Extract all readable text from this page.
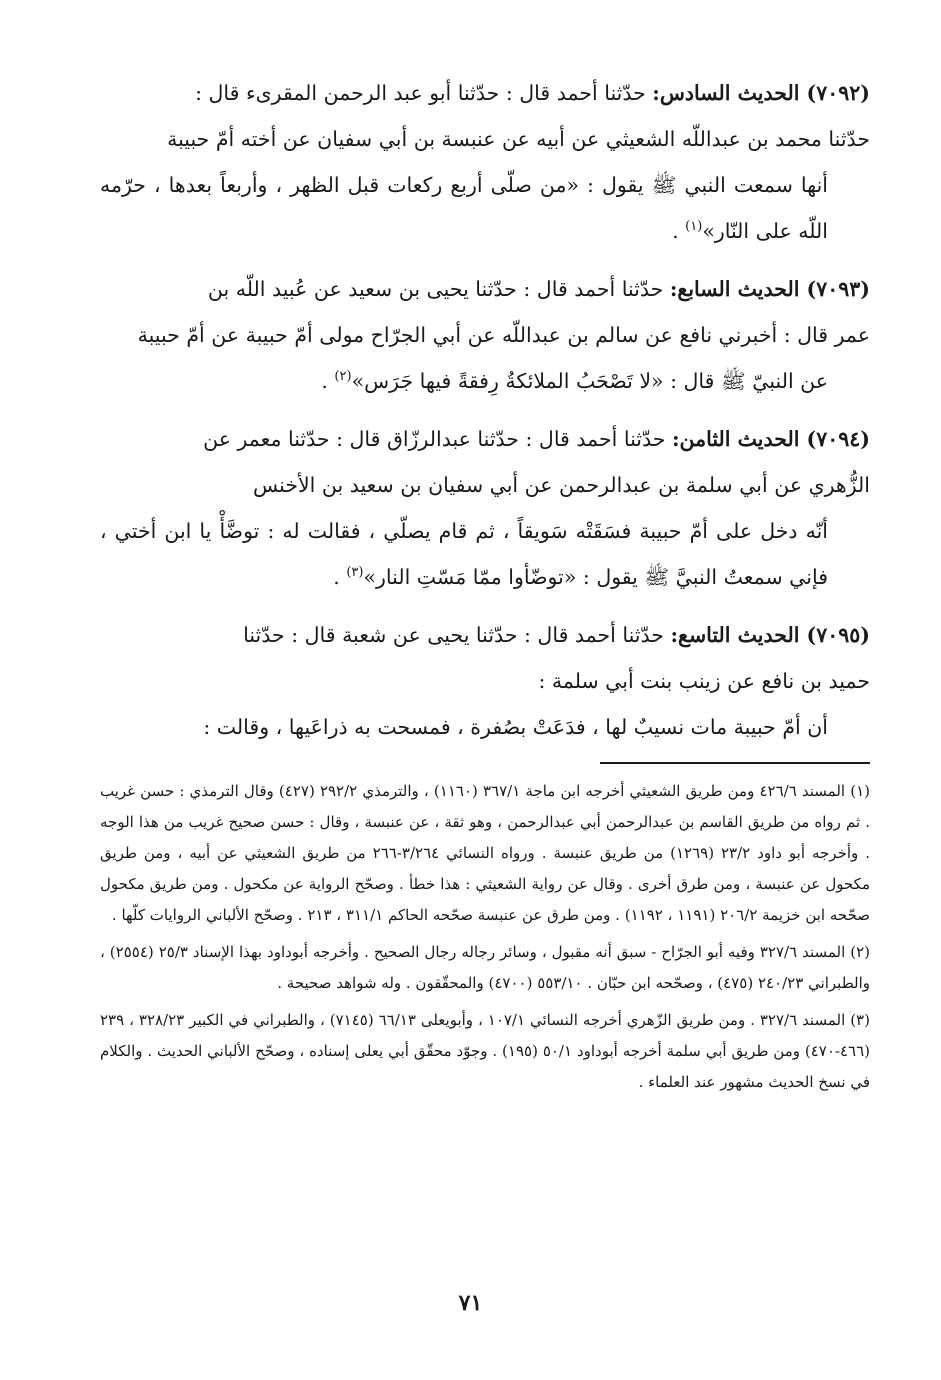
(٧٠٩٢) الحديث السادس: حدّثنا أحمد قال : حدّثنا أبو عبد الرحمن المقرىء قال :
حدّثنا محمد بن عبداللّه الشعيثي عن أبيه عن عنبسة بن أبي سفيان عن أخته أمّ حبيبة
أنها سمعت النبي ﷺ يقول : «من صلّى أربع ركعات قبل الظهر ، وأربعاً بعدها ، حرّمه اللّه على النّار»$^{(١)}$ .
(٧٠٩٣) الحديث السابع: حدّثنا أحمد قال : حدّثنا يحيى بن سعيد عن عُبيد اللّه بن
عمر قال : أخبرني نافع عن سالم بن عبداللّه عن أبي الجرّاح مولى أمّ حبيبة عن أمّ حبيبة
عن النبيّ ﷺ قال : «لا تَصْحَبُ الملائكةُ رِفقةً فيها جَرَس»$^{(٢)}$ .
(٧٠٩٤) الحديث الثامن: حدّثنا أحمد قال : حدّثنا عبدالرزّاق قال : حدّثنا معمر عن
الزُّهري عن أبي سلمة بن عبدالرحمن عن أبي سفيان بن سعيد بن الأخنس
أنّه دخل على أمّ حبيبة فسَقَتْه سَويقاً ، ثم قام يصلّي ، فقالت له : توضَّأْ يا ابن أختي ، فإني سمعتُ النبيَّ ﷺ يقول : «توضّأوا ممّا مَسّتِ النار»$^{(٣)}$ .
(٧٠٩٥) الحديث التاسع: حدّثنا أحمد قال : حدّثنا يحيى عن شعبة قال : حدّثنا
حميد بن نافع عن زينب بنت أبي سلمة :
أن أمّ حبيبة مات نسيبٌ لها ، فدَعَتْ بصُفرة ، فمسحت به ذراعَيها ، وقالت :

(١) المسند ٤٢٦/٦ ومن طريق الشعيثي أخرجه ابن ماجة ٣٦٧/١ (١١٦٠) ، والترمذي ٢٩٢/٢ (٤٢٧) وقال الترمذي : حسن غريب . ثم رواه من طريق القاسم بن عبدالرحمن أبي عبدالرحمن ، وهو ثقة ، عن عنبسة ، وقال : حسن صحيح غريب من هذا الوجه . وأخرجه أبو داود ٢٣/٢ (١٢٦٩) من طريق عنبسة . ورواه النسائي ٣/٢٦٤-٢٦٦ من طريق الشعيثي عن أبيه ، ومن طريق مكحول عن عنبسة ، ومن طرق أخرى . وقال عن رواية الشعيثي : هذا خطأ . وصحّح الرواية عن مكحول . ومن طريق مكحول صحّحه ابن خزيمة ٢٠٦/٢ (١١٩١ ، ١١٩٢) . ومن طرق عن عنبسة صحّحه الحاكم ٣١١/١ ، ٢١٣ . وصحّح الألباني الروايات كلّها .

(٢) المسند ٣٢٧/٦ وفيه أبو الجرّاح - سبق أنه مقبول ، وسائر رجاله رجال الصحيح . وأخرجه أبوداود بهذا الإسناد ٢٥/٣ (٢٥٥٤) ، والطبراني ٢٤٠/٢٣ (٤٧٥) ، وصحّحه ابن حبّان . ٥٥٣/١٠ (٤٧٠٠) والمحقّقون . وله شواهد صحيحة .

(٣) المسند ٣٢٧/٦ . ومن طريق الزّهري أخرجه النسائي ١٠٧/١ ، وأبويعلى ٦٦/١٣ (٧١٤٥) ، والطبراني في الكبير ٣٢٨/٢٣ ، ٢٣٩ (٤٦٦-٤٧٠) ومن طريق أبي سلمة أخرجه أبوداود ٥٠/١ (١٩٥) . وجوّد محقّق أبي يعلى إسناده ، وصحّح الألباني الحديث . والكلام في نسخ الحديث مشهور عند العلماء .

٧١
